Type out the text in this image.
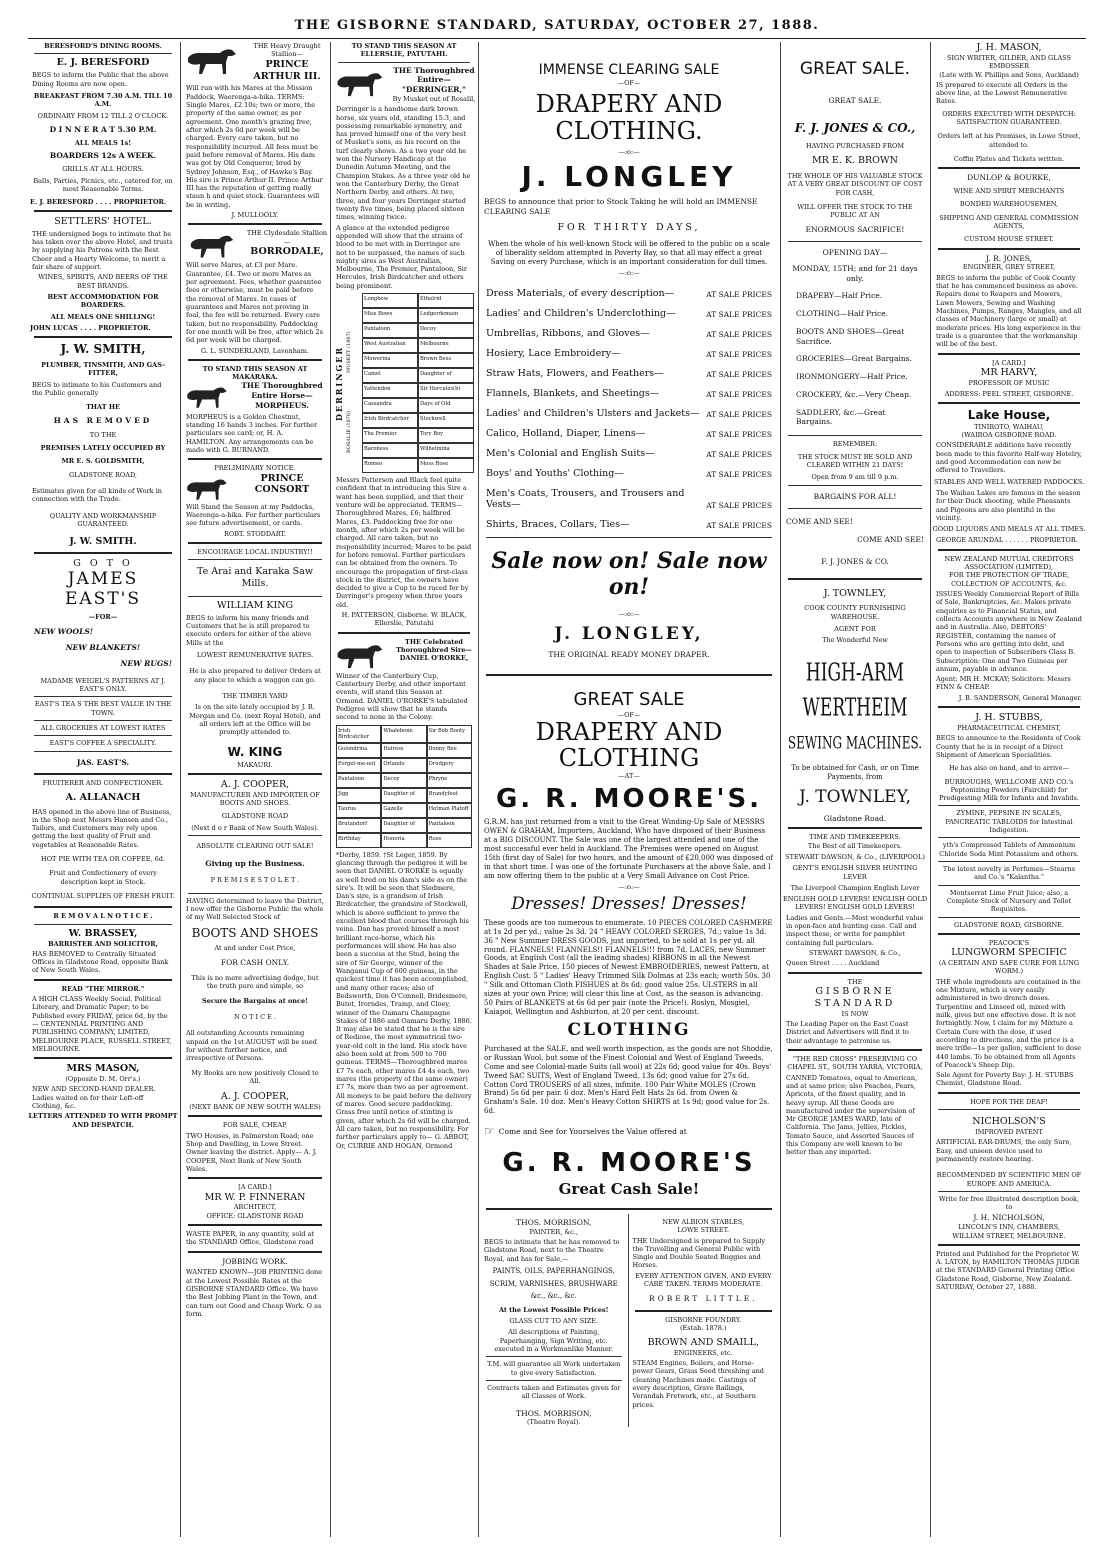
THE GISBORNE STANDARD, SATURDAY, OCTOBER 27, 1888.
BERESFORD'S DINING ROOMS.
E. J. BERESFORD

BEGS to inform the Public that the above Dining Rooms are now open.

BREAKFAST FROM 7.30 A.M. TILL 10 A.M.
ORDINARY FROM 12 TILL 2 O'CLOCK.
D I N N E R A T 5.30 P.M.
ALL MEALS 1s!
BOARDERS 12s A WEEK.
GRILLS AT ALL HOURS.

Balls, Parties, Picnics, etc., catered for, on most Reasonable Terms.

E. J. BERESFORD . . . . PROPRIETOR.
SETTLERS' HOTEL.

THE undersigned begs to intimate that he has taken over the above Hotel, and trusts by supplying his Patrons with the Best Cheer and a Hearty Welcome, to merit a fair share of support.

WINES, SPIRITS, AND BEERS OF THE BEST BRANDS.

BEST ACCOMMODATION FOR BOARDERS.
ALL MEALS ONE SHILLING!
JOHN LUCAS . . . . PROPRIETOR.
J. W. SMITH,
PLUMBER, TINSMITH, AND GAS-FITTER,

BEGS to intimate to his Customers and the Public generally

THAT HE
HAS REMOVED
TO THE
PREMISES LATELY OCCUPIED BY
MR E. S. GOLDSMITH,
GLADSTONE ROAD,

Estimates given for all kinds of Work in connection with the Trade.

QUALITY AND WORKMANSHIP GUARANTEED.
J. W. SMITH.
G O T O
JAMES EAST'S
—FOR—
NEW WOOLS!
NEW BLANKETS!
NEW RUGS!

MADAME WEIGEL'S PATTERNS AT J. EAST'S ONLY.

EAST'S TEA S THE BEST VALUE IN THE TOWN.

ALL GROCERIES AT LOWEST RATES

EAST'S COFFEE A SPECIALITY.

JAS. EAST'S.
FRUITERER AND CONFECTIONER.
A. ALLANACH

HAS opened in the above line of Business, in the Shop next Messrs Hansen and Co., Tailors, and Customers may rely upon getting the best quality of Fruit and vegetables at Reasonable Rates.

HOT PIE WITH TEA OR COFFEE, 6d.

Fruit and Confectionery of every description kept in Stock.

CONTINUAL SUPPLIES OF FRESH FRUIT.
R E M O V A L N O T I C E .
W. BRASSEY,
BARRISTER AND SOLICITOR,

HAS REMOVED to Centrally Situated Offices in Gladstone Road, opposite Bank of New South Wales.

READ "THE MIRROR."

A HIGH CLASS Weekly Social, Political Literary, and Dramatic Paper; to be Published every FRIDAY, price 6d, by the— CENTENNIAL PRINTING AND PUBLISHING COMPANY, LIMITED, MELBOURNE PLACE, RUSSELL STREET, MELBOURNE.

MRS MASON,
(Opposite D. M. Orr's.)

NEW AND SECOND-HAND DEALER. Ladies waited on for their Left-off Clothing, &c.

LETTERS ATTENDED TO WITH PROMPT AND DESPATCH.
THE Heavy Draught Stallion—
PRINCE ARTHUR III.

Will run with his Mares at the Mission Paddock, Waerenga-a-hika. TERMS: Single Mares, £2 10s; two or more, the property of the same owner, as per agreement. One month's grazing free, after which 2s 6d per week will be charged. Every care taken, but no responsibility incurred. All fees must be paid before removal of Mares. His dam was got by Old Conqueror, bred by Sydney Johnson, Esq., of Hawke's Bay. His sire is Prince Arthur II. Prince Arthur III has the reputation of getting really staun h and quiet stock. Guarantees will be in writing.

J. MULLOOLY.
THE Clydesdale Stallion—
BORRODALE,

Will serve Mares, at £3 per Mare. Guarantee, £4. Two or more Mares as per agreement. Fees, whether guarantee fees or otherwise, must be paid before the removal of Mares. In cases of guarantees and Mares not proving in foal, the fee will be returned. Every care taken, but no responsibility. Paddocking for one month will be free, after which 2s 6d per week will be charged.

G. L. SUNDERLAND, Lavenham.
TO STAND THIS SEASON AT MAKARAKA.
THE Thoroughbred Entire Horse— MORPHEUS.

MORPHEUS is a Golden Chestnut, standing 16 hands 3 inches. For further particulars see card; or, H. A. HAMILTON. Any arrangements can be made with G. BURNAND.

PRELIMINARY NOTICE.
PRINCE CONSORT

Will Stand the Season at my Paddocks, Waerenga-a-hika. For further particulars see future advertisement, or cards.

ROBT. STODDART.
ENCOURAGE LOCAL INDUSTRY!!
Te Arai and Karaka Saw Mills.
WILLIAM KING

BEGS to inform his many friends and Customers that he is still prepared to execute orders for either of the above Mills at the

LOWEST REMUNERATIVE RATES.

He is also prepared to deliver Orders at any place to which a waggon can go.

THE TIMBER YARD

Is on the site lately occupied by J. R. Morgan and Co. (next Royal Hotel), and all orders left at the Office will be promptly attended to.

W. KING
MAKAURI.
A. J. COOPER,
MANUFACTURER AND IMPORTER OF BOOTS AND SHOES.
GLADSTONE ROAD
(Next d o r Bank of New South Wales).
ABSOLUTE CLEARING OUT SALE!
Giving up the Business.
P R E M I S E S T O L E T .

HAVING determined to leave the District, I now offer the Gisborne Public the whole of my Well Selected Stock of

BOOTS AND SHOES
At and under Cost Price,
FOR CASH ONLY.

This is no mere advertising dodge, but the truth pure and simple, so

Secure the Bargains at once!
N O T I C E .

All outstanding Accounts remaining unpaid on the 1st AUGUST will be sued for without further notice, and irrespective of Persons.

My Books are now positively Closed to All.

A. J. COOPER,
(NEXT BANK OF NEW SOUTH WALES)
FOR SALE, CHEAP,

TWO Houses, in Palmerston Road; one Shop and Dwelling, in Lowe Street. Owner leaving the district. Apply— A. J. COOPER, Next Bank of New South Wales.

[A CARD.]
MR W. P. FINNERAN
ARCHITECT,
OFFICE: GLADSTONE ROAD

WASTE PAPER, in any quantity, sold at the STANDARD Office, Gladstone road

JOBBING WORK.

WANTED KNOWN—JOB PRINTING done at the Lowest Possible Rates at the GISBORNE STANDARD Office. We have the Best Jobbing Plant in the Town, and can turn out Good and Cheap Work. O as form.

TO STAND THIS SEASON AT ELLERSLIE, PATUTAHI.
THE Thoroughbred Entire— "DERRINGER,"
By Musket out of Rosalil,

Derringer is a handsome dark brown horse, six years old, standing 15.3, and possessing remarkable symmetry, and has proved himself one of the very best of Musket's sons, as his record on the turf clearly shows. As a two year old he won the Nursery Handicap at the Dunedin Autumn Meeting, and the Champion Stakes. As a three year old he won the Canterbury Derby, the Great Northern Derby, and others. At two, three, and four years Derringer started twenty five times, being placed sixteen times, winning twice.

A glance at the extended pedigree appended will show that the strains of blood to be met with in Derringer are not to be surpassed, the names of such mighty sires as West Australian, Melbourne, The Premier, Pantaloon, Sir Hercules, Irish Birdcatcher and others being prominent.

DERRINGER MUSKET (1867)
ROSALIE (1876)
Longbow	Ethelrid
Miss Bowe	Ledgerdemain
Pantaloon	Decoy
West Australian	Melbourne
Mowerina	Brown Bess
Camel	Daughter of
Yattendon	Sir Hercules(b)
Cassandra	Days of Old
Irish Birdcatcher	Stockwell
The Premier	Tory Boy
Baroness	Wilhelmina
Romeo	Moss Rose

Messrs Patterson and Black feel quite confident that in introducing this Sire a want has been supplied, and that their venture will be appreciated. TERMS—Thoroughbred Mares, £6; halfbred Mares, £3. Paddocking free for one month, after which 2s per week will be charged. All care taken, but no responsibility incurred; Mares to be paid for before removal. Further particulars can be obtained from the owners. To encourage the propagation of first-class stock in the district, the owners have decided to give a Cup to be raced for by Derringer's progeny when three years old.

H. PATTERSON, Gisborne. W. BLACK, Ellerslie, Patutahi
THE Celebrated Thoroughbred Sire— DANIEL O'RORKE,

Winner of the Canterbury Cup, Canterbury Derby, and other important events, will stand this Season at Ormond. DANIEL O'RORKE'S tabulated Pedigree will show that he stands second to none in the Colony.

Irish Birdcatcher
Whalebone	Sir Bob Booty
Golondrina	Heiress	Bonny Bee
Forget-me-not	Orlando	Drudgery
Pantaloon	Decoy	Phryne
Jigg	Daughter of	Brandyfoot
Taurus	Gazelle	Hetman Platoff
Brutandorf	Daughter of	Pantaloon
Birthday	Honoria	Rose

*Derby, 1859. †St Leger, 1859. By glancing through the pedigree it will be seen that DANIEL O'RORKE is equally as well bred on his dam's side as on the sire's. It will be seen that Sledmere, Dan's sire, is a grandson of Irish Birdcatcher, the grandsire of Stockwell, which is above sufficient to prove the excellent blood that courses through his veins. Dan has proved himself a most brilliant race-horse, which his performances will show. He has also been a success at the Stud, being the sire of Sir George, winner of the Wanganui Cup of 600 guineas, in the quickest time it has been accomplished, and many other races; also of Bedsworth, Don O'Connell, Bridesmere, Butet, Irorndes, Tramp, and Cloey, winner of the Oamaru Champagne Stakes of 1886 and Oamaru Derby, 1886. It may also be stated that he is the sire of Rediose, the most symmetrical two-year-old colt in the land. His stock have also been sold at from 500 to 700 guineas. TERMS—Thoroughbred mares £7 7s each, other mares £4 4s each, two mares (the property of the same owner) £7 7s, more than two as per agreement. All moneys to be paid before the delivery of mares. Good secure paddocking. Grass free until notice of stinting is given, after which 2s 6d will be charged. All care taken, but no responsibility. For further particulars apply to— G. ABBOT, Or, CURRIE AND HOGAN, Ormond

IMMENSE CLEARING SALE
—OF—
DRAPERY AND CLOTHING.
—:o:—
J. LONGLEY

BEGS to announce that prior to Stock Taking he will hold an IMMENSE CLEARING SALE

FOR THIRTY DAYS,

When the whole of his well-known Stock will be offered to the public on a scale of liberality seldom attempted in Poverty Bay, so that all may effect a great Saving on every Purchase, which is an important consideration for dull times.

—:o:—
Dress Materials, of every description—	AT SALE PRICES
Ladies' and Children's Underclothing—	AT SALE PRICES
Umbrellas, Ribbons, and Gloves—	AT SALE PRICES
Hosiery, Lace Embroidery—	AT SALE PRICES
Straw Hats, Flowers, and Feathers—	AT SALE PRICES
Flannels, Blankets, and Sheetings—	AT SALE PRICES
Ladies' and Children's Ulsters and Jackets— AT SALE PRICES
Calico, Holland, Diaper, Linens—	AT SALE PRICES
Men's Colonial and English Suits—	AT SALE PRICES
Boys' and Youths' Clothing—	AT SALE PRICES
Men's Coats, Trousers, and Trousers and Vests—	AT SALE PRICES
Shirts, Braces, Collars, Ties—	AT SALE PRICES
Sale now on! Sale now on!
—:o:—
J. LONGLEY,
THE ORIGINAL READY MONEY DRAPER.
GREAT SALE
—OF—
DRAPERY AND CLOTHING
—AT—
G. R. MOORE'S.

G.R.M. has just returned from a visit to the Great Winding-Up Sale of MESSRS OWEN & GRAHAM, Importers, Auckland, Who have disposed of their Business at a BIG DISCOUNT. The Sale was one of the largest attended and one of the most successful ever held in Auckland. The Premises were opened on August 15th (first day of Sale) for two hours, and the amount of £20,000 was disposed of in that short time. I was one of the fortunate Purchasers at the above Sale, and I am now offering them to the public at a Very Small Advance on Cost Price.

—:o:—
Dresses! Dresses! Dresses!

These goods are too numerous to enumerate. 10 PIECES COLORED CASHMERE at 1s 2d per yd.; value 2s 3d. 24 " HEAVY COLORED SERGES, 7d.; value 1s 3d. 36 " New Summer DRESS GOODS, just imported, to be sold at 1s per yd. all round. FLANNELS! FLANNELS!! FLANNELS!!! from 7d. LACES, new Summer Goods, at English Cost (all the leading shades) RIBBONS in all the Newest Shades at Sale Price. 150 pieces of Newest EMBROIDERIES, newest Pattern, at English Cost. 5 " Ladies' Heavy Trimmed Silk Dolmas at 23s each; worth 50s. 30 " Silk and Ottoman Cloth FISHUES at 8s 6d; good value 25s. ULSTERS in all sizes at your own Price; will clear this line at Cost, as the season is advancing. 50 Pairs of BLANKETS at 6s 6d per pair (note the Price!). Roslyn, Mosgiel, Kaiapoi, Wellington and Ashburton, at 20 per cent. discount.

CLOTHING

Purchased at the SALE, and well worth inspection, as the goods are not Shoddie, or Russian Wool, but some of the Finest Colonial and West of England Tweeds. Come and see Colonial-made Suits (all wool) at 22s 6d; good value for 40s. Boys' Tweed SAC SUITS, West of England Tweed, 13s 6d; good value for 27s 6d. Cotton Cord TROUSERS of all sizes, infinite. 100 Pair White MOLES (Crown Brand) 5s 6d per pair. 6 doz. Men's Hard Felt Hats 2s 6d. from Owen & Graham's Sale. 10 doz. Men's Heavy Cotton SHIRTS at 1s 9d; good value for 2s. 6d.

☞ Come and See for Yourselves the Value offered at
G. R. MOORE'S
Great Cash Sale!
THOS. MORRISON,
PAINTER, &c.,

BEGS to intimate that he has removed to Gladstone Road, next to the Theatre Royal, and has for Sale,—

PAINTS, OILS, PAPERHANGINGS, SCRIM, VARNISHES, BRUSHWARE &c., &c., &c.

At the Lowest Possible Prices!
GLASS CUT TO ANY SIZE.

All descriptions of Painting, Paperhanging, Sign Writing, etc. executed in a Workmanlike Manner.

T.M. will guarantee all Work undertaken to give every Satisfaction.

Contracts taken and Estimates given for all Classes of Work.

THOS. MORRISON,
(Theatre Royal).
NEW ALBION STABLES,
LOWE STREET.

THE Undersigned is prepared to Supply the Travelling and General Public with Single and Double Seated Buggies and Horses.

EVERY ATTENTION GIVEN, AND EVERY CARE TAKEN. TERMS MODERATE.

ROBERT LITTLE.
GISBORNE FOUNDRY.
(Estab. 1878.)
BROWN AND SMAILL,
ENGINEERS, etc.

STEAM Engines, Boilers, and Horse-power Gears, Grass Seed threshing and cleaning Machines made. Castings of every description, Grave Railings, Verandah Fretwork, etc., at Southern prices.

GREAT SALE.
GREAT SALE.
F. J. JONES & CO.,
HAVING PURCHASED FROM
MR E. K. BROWN

THE WHOLE OF HIS VALUABLE STOCK AT A VERY GREAT DISCOUNT OF COST FOR CASH,

WILL OFFER THE STOCK TO THE PUBLIC AT AN

ENORMOUS SACRIFICE!
OPENING DAY—

MONDAY, 15TH; and for 21 days only.

DRAPERY—Half Price.
CLOTHING—Half Price.
BOOTS AND SHOES—Great Sacrifice.
GROCERIES—Great Bargains.
IRONMONGERY—Half Price.
CROCKERY, &c.—Very Cheap.
SADDLERY, &c.—Great Bargains.
REMEMBER:

THE STOCK MUST BE SOLD AND CLEARED WITHIN 21 DAYS!

Open from 9 am till 9 p.m.
BARGAINS FOR ALL!
COME AND SEE!
COME AND SEE!
F. J. JONES & CO.
J. TOWNLEY,
COOK COUNTY FURNISHING WAREHOUSE.
AGENT FOR
The Wonderful New
HIGH-ARM
WERTHEIM
SEWING MACHINES.

To be obtained for Cash, or on Time Payments, from

J. TOWNLEY,
Gladstone Road.
TIME AND TIMEKEEPERS.
The Best of all Timekeepers.
STEWART DAWSON, & Co., (LIVERPOOL)
GENT'S ENGLISH SILVER HUNTING LEVER
The Liverpool Champion English Lever
ENGLISH GOLD LEVERS! ENGLISH GOLD LEVERS! ENGLISH GOLD LEVERS!

Ladies and Gents.—Most wonderful value in open-face and hunting case. Call and inspect these, or write for pamphlet containing full particulars.

STEWART DAWSON, & Co.,
Queen Street . . . . Auckland
THE
GISBORNE STANDARD
IS NOW

The Leading Paper on the East Coast District and Advertisers will find it to their advantage to patronise us.

"THE RED CROSS" PRESERVING CO
CHAPEL ST., SOUTH YARRA, VICTORIA,

CANNED Tomatoes, equal to American, and at same price; also Peaches, Pears, Apricots, of the finest quality, and in heavy syrup. All these Goods are manufactured under the supervision of Mr GEORGE JAMES WARD, late of California. The Jams, Jellies, Pickles, Tomato Sauce, and Assorted Sauces of this Company are well known to be better than any imported.

J. H. MASON,
SIGN WRITER, GILDER, AND GLASS EMBOSSER
(Late with W. Phillips and Sons, Auckland)

IS prepared to execute all Orders in the above line, at the Lowest Remunerative Rates.

ORDERS EXECUTED WITH DESPATCH: SATISFACTION GUARANTEED.

Orders left at his Premises, in Lowe Street, attended to.

Coffin Plates and Tickets written.
DUNLOP & BOURKE,
WINE AND SPIRIT MERCHANTS
BONDED WAREHOUSEMEN,
SHIPPING AND GENERAL COMMISSION AGENTS,
CUSTOM HOUSE STREET.
J. R. JONES,
ENGINEER, GREY STREET,

BEGS to inform the public of Cook County that he has commenced business as above. Repairs done to Reapers and Mowers, Lawn Mowers, Sewing and Washing Machines, Pumps, Ranges, Mangles, and all classes of Machinery (large or small) at moderate prices. His long experience in the trade is a guarantee that the workmanship will be of the best.

[A CARD.]
MR HARVY,
PROFESSOR OF MUSIC
ADDRESS: PEEL STREET, GISBORNE.
Lake House,
TINIROTO, WAIHAU,
(WAIROA GISBORNE ROAD.

CONSIDERABLE additions have recently been made to this favorite Half-way Hotelry, and good Accommodation can now be offered to Travellers.

STABLES AND WELL WATERED PADDOCKS.

The Waihau Lakes are famous in the season for their Duck shooting, while Pheasants and Pigeons are also plentiful in the vicinity.

GOOD LIQUORS AND MEALS AT ALL TIMES.
GEORGE ARUNDAL . . . . . . PROPRIETOR.
NEW ZEALAND MUTUAL CREDITORS ASSOCIATION (LIMITED),
FOR THE PROTECTION OF TRADE, COLLECTION OF ACCOUNTS, &c.

ISSUES Weekly Commercial Report of Bills of Sale, Bankruptcies, &c. Makes private enquiries as to Financial Status, and collects Accounts anywhere in New Zealand and in Australia. Also, DEBTORS' REGISTER, containing the names of Persons who are getting into debt, and open to inspection of Subscribers Class B. Subscription: One and Two Guineas per annum, payable in advance.

Agent: MR H. MCKAY; Solicitors: Messrs FINN & CHEAP.

J. B. SANDERSON, General Manager.
J. H. STUBBS,
PHARMACEUTICAL CHEMIST,

BEGS to announce to the Residents of Cook County that he is in receipt of a Direct Shipment of American Specialities.

He has also on hand, and to arrive—

BURROUGHS, WELLCOME AND CO.'s Peptonizing Powders (Fairchild) for Predigesting Milk for Infants and Invalids.

ZYMINE, PEPSINE IN SCALES, PANCREATIC TABLOIDS for Intestinal Indigestion.

yth's Compressed Tablets of Ammonium Chloride Soda Mint Potassium and others.

The latest novelty in Perfumes—Stearns and Co.'s "Kalantha."

Montserrat Lime Fruit Juice; also, a Complete Stock of Nursery and Toilet Requisites.

GLADSTONE ROAD, GISBORNE.
PEACOCK'S
LUNGWORM SPECIFIC
(A CERTAIN AND SAFE CURE FOR LUNG WORM.)

THE whole ingredients are contained in the one Mixture, which is very easily administered in two drench doses. Turpentine and Linseed oil, mixed with milk, gives but one effective dose. It is not fortnightly. Now, I claim for my Mixture a Certain Cure with the dose, if used according to directions, and the price is a mere trifle—1s per gallon, sufficient to dose 440 lambs. To be obtained from all Agents of Peacock's Sheep Dip.

Sole Agent for Poverty Bay: J. H. STUBBS Chemist, Gladstone Road.

HOPE FOR THE DEAF!
NICHOLSON'S
IMPROVED PATENT

ARTIFICIAL EAR-DRUMS, the only Sure, Easy, and unseen device used to permanently restore hearing.

RECOMMENDED BY SCIENTIFIC MEN OF EUROPE AND AMERICA.

Write for free illustrated description book, to

J. H. NICHOLSON,
LINCOLN'S INN, CHAMBERS,
WILLIAM STREET, MELBOURNE.

Printed and Published for the Proprietor W. A. LATON, by HAMILTON THOMAS JUDGE at the STANDARD General Printing Office Gladstone Road, Gisborne, New Zealand. SATURDAY, October 27, 1888.
